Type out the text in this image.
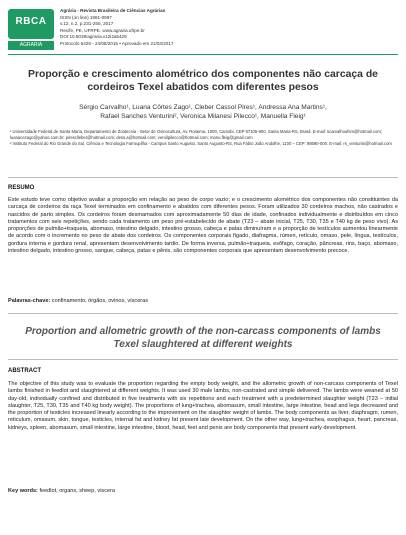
RBCA
AGRARIA
Agrária - Revista Brasileira de Ciências Agrárias
ISSN (on line) 1981-0997
v.12, n.2, p.231-255, 2017
Recife, PE, UFRPE. www.agraria.ufrpe.br
DOI:10.5039/agraria.v12i2a5429
Protocolo 5429 - 24/08/2015 • Aprovado em 21/03/2017
Proporção e crescimento alométrico dos componentes não carcaça de cordeiros Texel abatidos com diferentes pesos
Sérgio Carvalho¹, Luana Côrtes Zago¹, Cleber Cassol Pires¹, Andressa Ana Martins¹,
Rafael Sanches Venturini², Veronica Milanesi Pilecco¹, Manuella Fleig¹
¹ Universidade Federal de Santa Maria, Departamento de Zootecnia - Setor de Ovinocultura, Av. Roraima, 1000, Camobi, CEP 97105-900, Santa Maria-RS, Brasil. E-mail: scarvalhoufsm@hotmail.com; luanacezago@yahoo.com.br; piresclleber@hotmail.com; dess.a@hotmail.com; veroilpilecco@hotmail.com; manu.fleig@gmail.com
² Instituto Federal do Rio Grande do Sul, Ciência e Tecnologia Farroupilha - Campus Santo Augusto, Santo Augusto-RS, Rua Fábio João Andolhe, 1100 – CEP: 98590-000. E-mail: rs_venturini@hotmail.com
RESUMO
Este estudo teve como objetivo avaliar a proporção em relação ao peso de corpo vazio; e o crescimento alométrico dos componentes não constituintes da carcaça de cordeiros da raça Texel terminados em confinamento e abatidos com diferentes pesos. Foram utilizados 30 cordeiros machos, não castrados e nascidos de parto simples. Os cordeiros foram desmamados com aproximadamente 50 dias de idade, confinados individualmente e distribuídos em cinco tratamentos com seis repetições, sendo cada tratamento um peso pré-estabelecido de abate (T23 – abate inicial, T25, T30, T35 e T40 kg de peso vivo). As proporções de pulmão+traqueia, abomaso, intestino delgado, intestino grosso, cabeça e patas diminuíram e a proporção de testículos aumentou linearmente de acordo com o incremento no peso de abate dos cordeiros. Os componentes corporais fígado, diafragma, rúmen, retículo, omaso, pele, língua, testículos, gordura interna e gordura renal, apresentam desenvolvimento tardio. De forma inversa, pulmão+traqueia, esôfago, coração, pâncreas, rins, baço, abomaso, intestino delgado, intestino grosso, sangue, cabeça, patas e pênis, são componentes corporais que apresentam desenvolvimento precoce.
Palavras-chave: confinamento, órgãos, ovinos, vísceras
Proportion and allometric growth of the non-carcass components of lambs Texel slaughtered at different weights
ABSTRACT
The objective of this study was to evaluate the proportion regarding the empty body weight, and the allometric growth of non-carcass components of Texel lambs finished in feedlot and slaughtered at different weights. It was used 30 male lambs, non-castrated and simple delivered. The lambs were weaned at 50 day-old, individually confined and distributed in five treatments with six repetitions and each treatment with a predetermined slaughter weight (T23 – initial slaughter, T25, T30, T35 and T40 kg body weight). The proportions of lung+trachea, abomasum, small intestine, large intestine, head and legs decreased and the proportion of testicles increased linearly according to the improvement on the slaughter weight of lambs. The body components as liver, diaphragm, rumen, reticulum, omasum, skin, tongue, testicles, internal fat and kidney fat present late development. On the other way, lung+trachea, esophagus, heart, pancreas, kidneys, spleen, abomasum, small intestine, large intestine, blood, head, feet and penis are body components that present early development.
Key words: feedlot, organs, sheep, viscera
